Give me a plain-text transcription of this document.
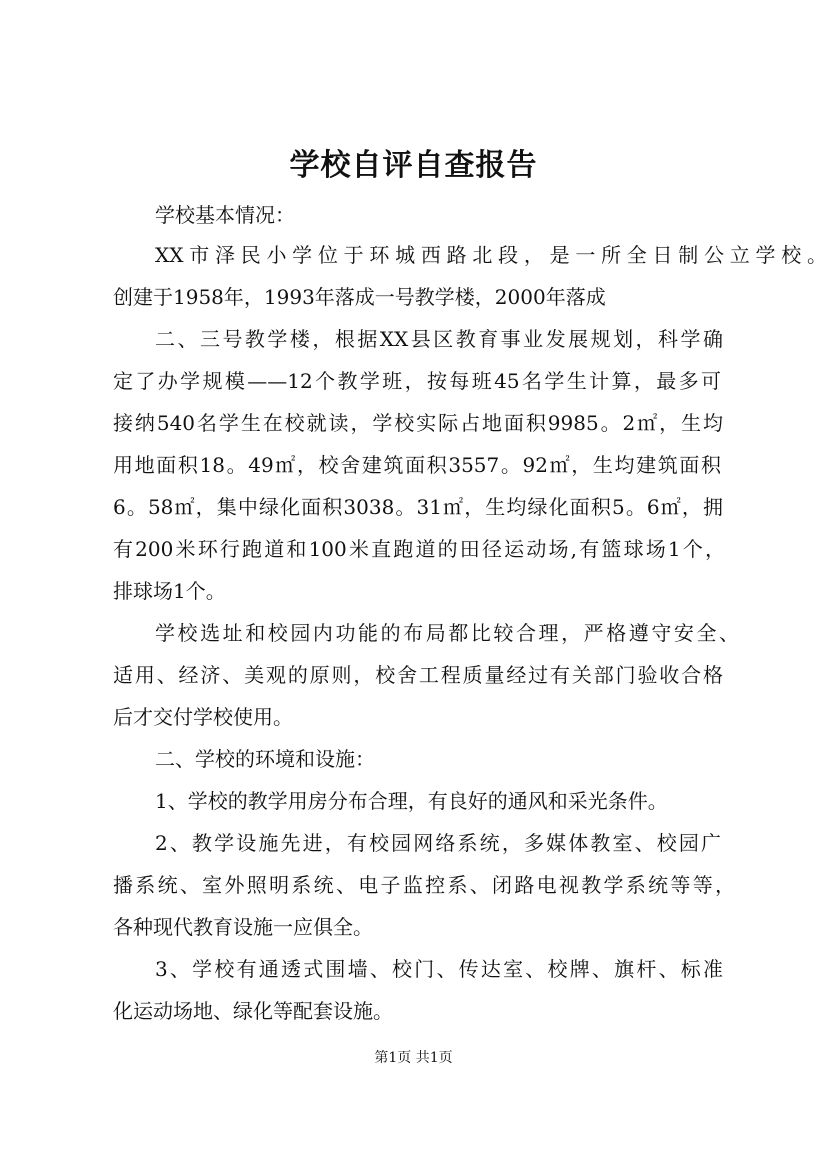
学校自评自查报告
学校基本情况：
XX市泽民小学位于环城西路北段，是一所全日制公立学校。
创建于1958年，1993年落成一号教学楼，2000年落成
二、三号教学楼，根据XX县区教育事业发展规划，科学确
定了办学规模——12个教学班，按每班45名学生计算，最多可
接纳540名学生在校就读，学校实际占地面积9985。2㎡，生均
用地面积18。49㎡，校舍建筑面积3557。92㎡，生均建筑面积
6。58㎡，集中绿化面积3038。31㎡，生均绿化面积5。6㎡，拥
有200米环行跑道和100米直跑道的田径运动场,有篮球场1个，
排球场1个。
学校选址和校园内功能的布局都比较合理，严格遵守安全、
适用、经济、美观的原则，校舍工程质量经过有关部门验收合格
后才交付学校使用。
二、学校的环境和设施：
1、学校的教学用房分布合理，有良好的通风和采光条件。
2、教学设施先进，有校园网络系统，多媒体教室、校园广
播系统、室外照明系统、电子监控系、闭路电视教学系统等等，
各种现代教育设施一应俱全。
3、学校有通透式围墙、校门、传达室、校牌、旗杆、标准
化运动场地、绿化等配套设施。
第1页 共1页
